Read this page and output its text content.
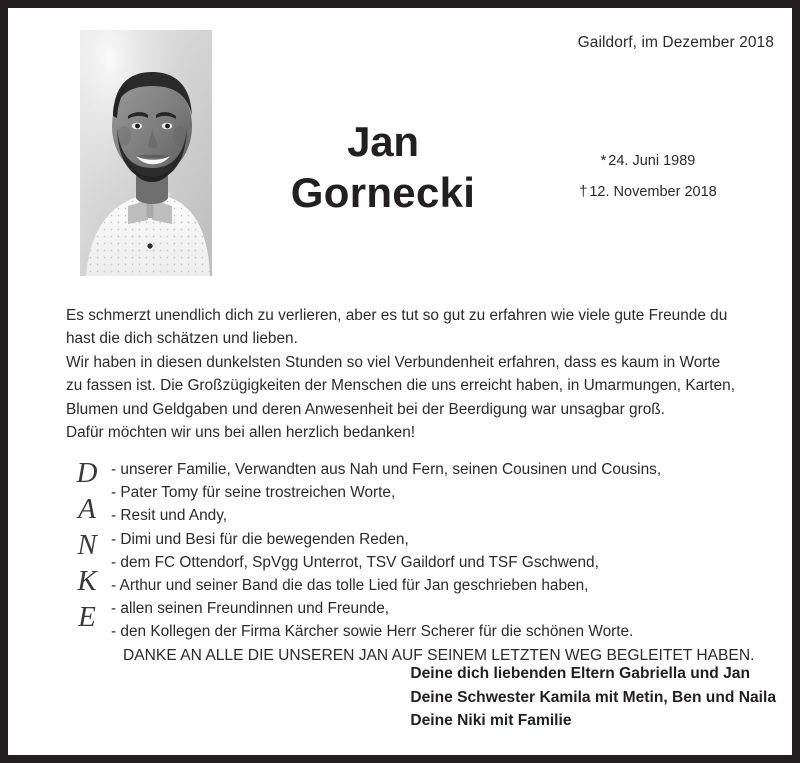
Gaildorf, im Dezember 2018
Jan
Gornecki
* 24. Juni 1989
† 12. November 2018

Es schmerzt unendlich dich zu verlieren, aber es tut so gut zu erfahren wie viele gute Freunde du

hast die dich schätzen und lieben.

Wir haben in diesen dunkelsten Stunden so viel Verbundenheit erfahren, dass es kaum in Worte

zu fassen ist. Die Großzügigkeiten der Menschen die uns erreicht haben, in Umarmungen, Karten,

Blumen und Geldgaben und deren Anwesenheit bei der Beerdigung war unsagbar groß.

Dafür möchten wir uns bei allen herzlich bedanken!

D
A
N
K
E
- unserer Familie, Verwandten aus Nah und Fern, seinen Cousinen und Cousins,
- Pater Tomy für seine trostreichen Worte,
- Resit und Andy,
- Dimi und Besi für die bewegenden Reden,
- dem FC Ottendorf, SpVgg Unterrot, TSV Gaildorf und TSF Gschwend,
- Arthur und seiner Band die das tolle Lied für Jan geschrieben haben,
- allen seinen Freundinnen und Freunde,
- den Kollegen der Firma Kärcher sowie Herr Scherer für die schönen Worte.
DANKE AN ALLE DIE UNSEREN JAN AUF SEINEM LETZTEN WEG BEGLEITET HABEN.
Deine dich liebenden Eltern Gabriella und Jan
Deine Schwester Kamila mit Metin, Ben und Naila
Deine Niki mit Familie
